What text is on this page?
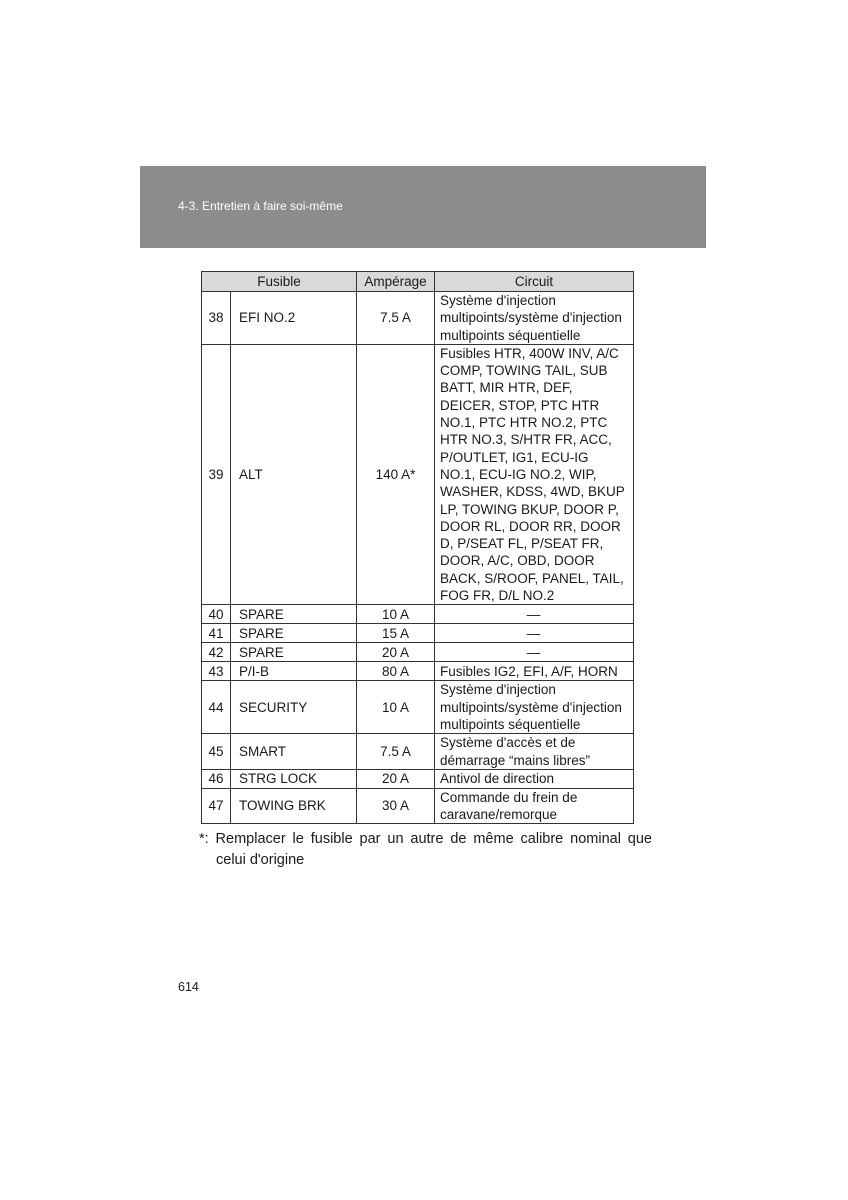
4-3. Entretien à faire soi-même
Fusible		Ampérage	Circuit
38	EFI NO.2	7.5 A	Système d'injection multipoints/système d'injection multipoints séquentielle
39	ALT	140 A*	Fusibles HTR, 400W INV, A/C COMP, TOWING TAIL, SUB BATT, MIR HTR, DEF, DEICER, STOP, PTC HTR NO.1, PTC HTR NO.2, PTC HTR NO.3, S/HTR FR, ACC, P/OUTLET, IG1, ECU-IG NO.1, ECU-IG NO.2, WIP, WASHER, KDSS, 4WD, BKUP LP, TOWING BKUP, DOOR P, DOOR RL, DOOR RR, DOOR D, P/SEAT FL, P/SEAT FR, DOOR, A/C, OBD, DOOR BACK, S/ROOF, PANEL, TAIL, FOG FR, D/L NO.2
40	SPARE	10 A	—
41	SPARE	15 A	—
42	SPARE	20 A	—
43	P/I-B	80 A	Fusibles IG2, EFI, A/F, HORN
44	SECURITY	10 A	Système d'injection multipoints/système d'injection multipoints séquentielle
45	SMART	7.5 A	Système d'accès et de démarrage “mains libres”
46	STRG LOCK	20 A	Antivol de direction
47	TOWING BRK	30 A	Commande du frein de caravane/remorque
*: Remplacer le fusible par un autre de même calibre nominal que
celui d'origine
614
